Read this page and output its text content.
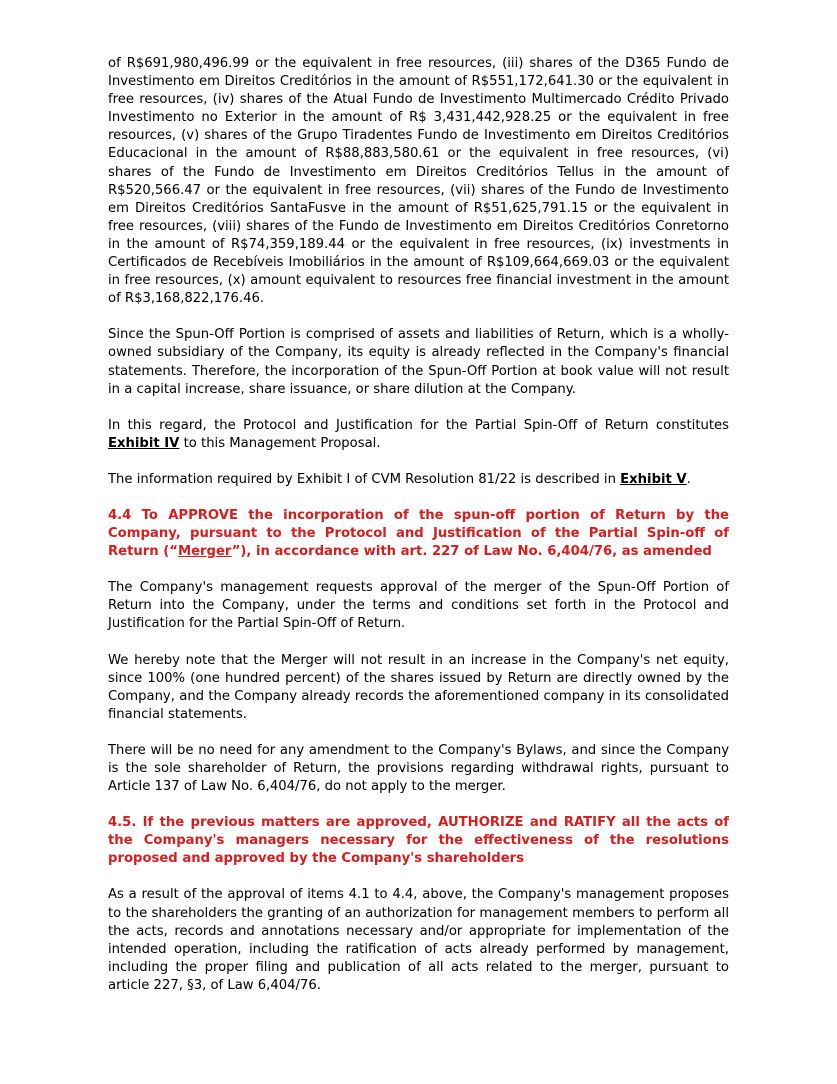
of R$691,980,496.99 or the equivalent in free resources, (iii) shares of the D365 Fundo de Investimento em Direitos Creditórios in the amount of R$551,172,641.30 or the equivalent in free resources, (iv) shares of the Atual Fundo de Investimento Multimercado Crédito Privado Investimento no Exterior in the amount of R$ 3,431,442,928.25 or the equivalent in free resources, (v) shares of the Grupo Tiradentes Fundo de Investimento em Direitos Creditórios Educacional in the amount of R$88,883,580.61 or the equivalent in free resources, (vi) shares of the Fundo de Investimento em Direitos Creditórios Tellus in the amount of R$520,566.47 or the equivalent in free resources, (vii) shares of the Fundo de Investimento em Direitos Creditórios SantaFusve in the amount of R$51,625,791.15 or the equivalent in free resources, (viii) shares of the Fundo de Investimento em Direitos Creditórios Conretorno in the amount of R$74,359,189.44 or the equivalent in free resources, (ix) investments in Certificados de Recebíveis Imobiliários in the amount of R$109,664,669.03 or the equivalent in free resources, (x) amount equivalent to resources free financial investment in the amount of R$3,168,822,176.46.

Since the Spun-Off Portion is comprised of assets and liabilities of Return, which is a wholly-owned subsidiary of the Company, its equity is already reflected in the Company's financial statements. Therefore, the incorporation of the Spun-Off Portion at book value will not result in a capital increase, share issuance, or share dilution at the Company.

In this regard, the Protocol and Justification for the Partial Spin-Off of Return constitutes Exhibit IV to this Management Proposal.

The information required by Exhibit I of CVM Resolution 81/22 is described in Exhibit V.

4.4 To APPROVE the incorporation of the spun-off portion of Return by the Company, pursuant to the Protocol and Justification of the Partial Spin-off of Return (“Merger”), in accordance with art. 227 of Law No. 6,404/76, as amended

The Company's management requests approval of the merger of the Spun-Off Portion of Return into the Company, under the terms and conditions set forth in the Protocol and Justification for the Partial Spin-Off of Return.

We hereby note that the Merger will not result in an increase in the Company's net equity, since 100% (one hundred percent) of the shares issued by Return are directly owned by the Company, and the Company already records the aforementioned company in its consolidated financial statements.

There will be no need for any amendment to the Company's Bylaws, and since the Company is the sole shareholder of Return, the provisions regarding withdrawal rights, pursuant to Article 137 of Law No. 6,404/76, do not apply to the merger.

4.5. If the previous matters are approved, AUTHORIZE and RATIFY all the acts of the Company's managers necessary for the effectiveness of the resolutions proposed and approved by the Company's shareholders

As a result of the approval of items 4.1 to 4.4, above, the Company's management proposes to the shareholders the granting of an authorization for management members to perform all the acts, records and annotations necessary and/or appropriate for implementation of the intended operation, including the ratification of acts already performed by management, including the proper filing and publication of all acts related to the merger, pursuant to article 227, §3, of Law 6,404/76.
